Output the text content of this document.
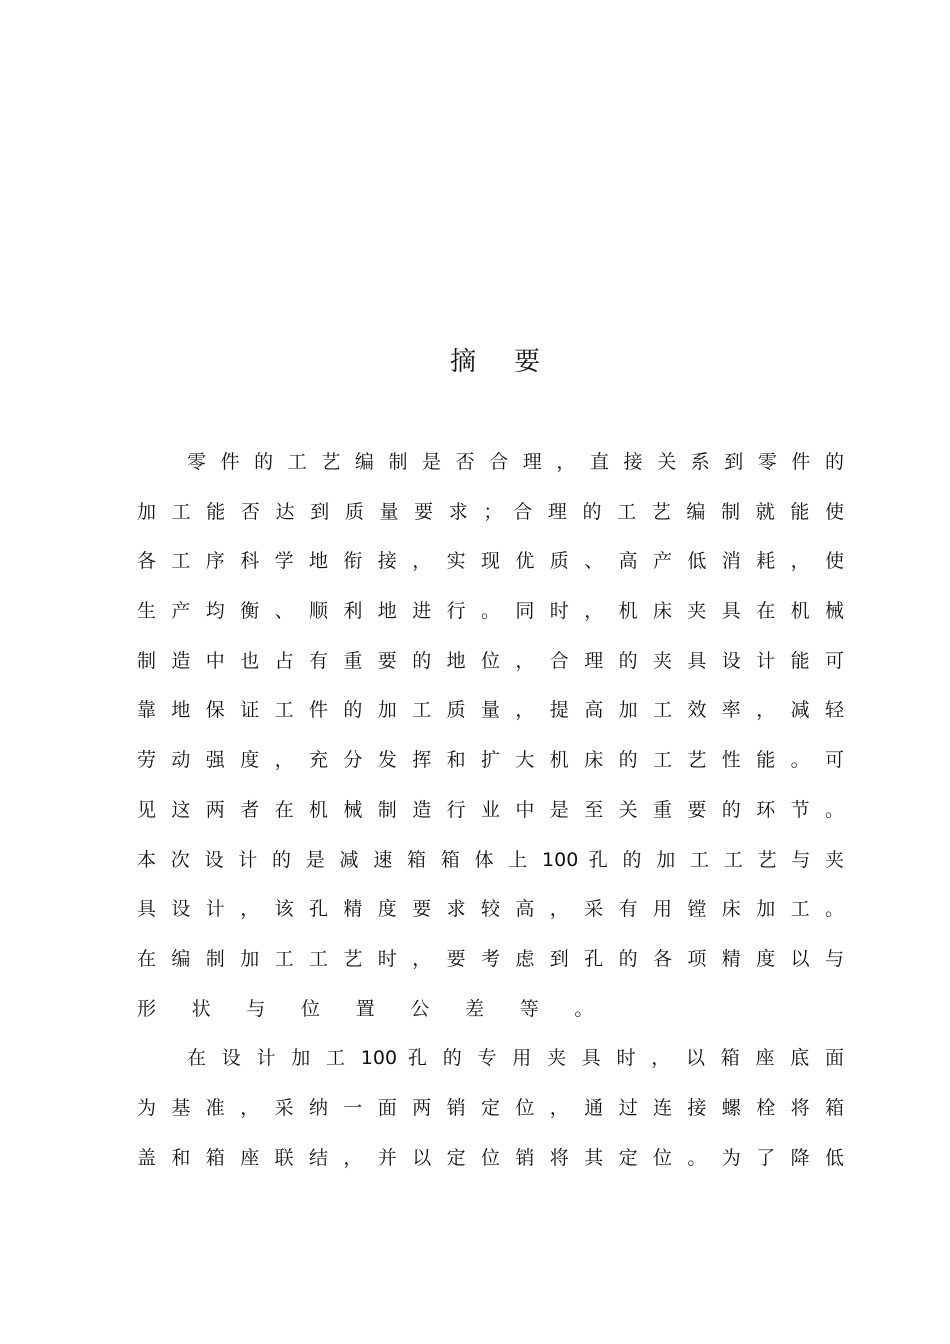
摘 要
零 件 的 工 艺 编 制 是 否 合 理 ， 直 接 关 系 到 零 件 的
加 工 能 否 达 到 质 量 要 求 ； 合 理 的 工 艺 编 制 就 能 使
各 工 序 科 学 地 衔 接 ， 实 现 优 质 、 高 产 低 消 耗 ， 使
生 产 均 衡 、 顺 利 地 进 行 。 同 时 ， 机 床 夹 具 在 机 械
制 造 中 也 占 有 重 要 的 地 位 ， 合 理 的 夹 具 设 计 能 可
靠 地 保 证 工 件 的 加 工 质 量 ， 提 高 加 工 效 率 ， 减 轻
劳 动 强 度 ， 充 分 发 挥 和 扩 大 机 床 的 工 艺 性 能 。 可
见 这 两 者 在 机 械 制 造 行 业 中 是 至 关 重 要 的 环 节 。
本 次 设 计 的 是 减 速 箱 箱 体 上 100 孔 的 加 工 工 艺 与 夹
具 设 计 ， 该 孔 精 度 要 求 较 高 ， 采 有 用 镗 床 加 工 。
在 编 制 加 工 工 艺 时 ， 要 考 虑 到 孔 的 各 项 精 度 以 与
形 状 与 位 置 公 差 等 。
在 设 计 加 工 100 孔 的 专 用 夹 具 时 ， 以 箱 座 底 面
为 基 准 ， 采 纳 一 面 两 销 定 位 ， 通 过 连 接 螺 栓 将 箱
盖 和 箱 座 联 结 ， 并 以 定 位 销 将 其 定 位 。 为 了 降 低
